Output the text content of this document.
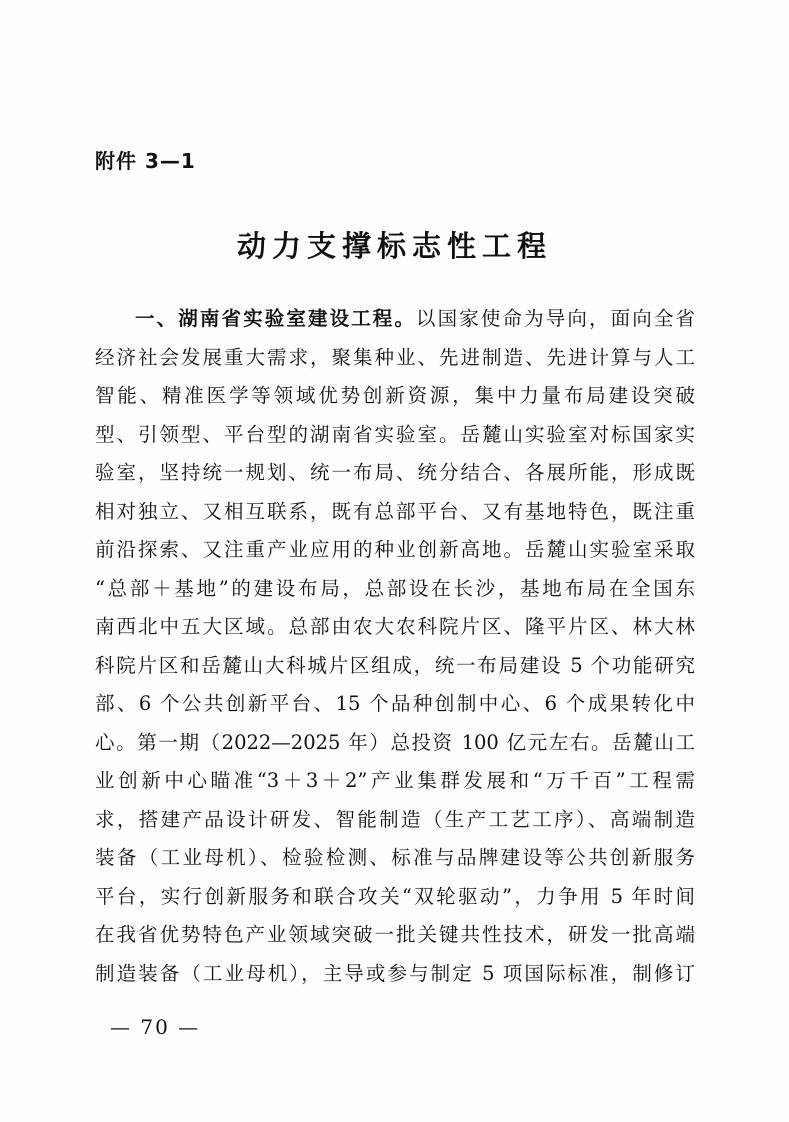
附件 3—1
动力支撑标志性工程
一、湖南省实验室建设工程。以国家使命为导向，面向全省
经济社会发展重大需求，聚集种业、先进制造、先进计算与人工
智能、精准医学等领域优势创新资源，集中力量布局建设突破
型、引领型、平台型的湖南省实验室。岳麓山实验室对标国家实
验室，坚持统一规划、统一布局、统分结合、各展所能，形成既
相对独立、又相互联系，既有总部平台、又有基地特色，既注重
前沿探索、又注重产业应用的种业创新高地。岳麓山实验室采取
“总部＋基地”的建设布局，总部设在长沙，基地布局在全国东
南西北中五大区域。总部由农大农科院片区、隆平片区、林大林
科院片区和岳麓山大科城片区组成，统一布局建设 5 个功能研究
部、6 个公共创新平台、15 个品种创制中心、6 个成果转化中
心。第一期（2022—2025 年）总投资 100 亿元左右。岳麓山工
业创新中心瞄准“3＋3＋2”产业集群发展和“万千百”工程需
求，搭建产品设计研发、智能制造（生产工艺工序）、高端制造
装备（工业母机）、检验检测、标准与品牌建设等公共创新服务
平台，实行创新服务和联合攻关“双轮驱动”，力争用 5 年时间
在我省优势特色产业领域突破一批关键共性技术，研发一批高端
制造装备（工业母机），主导或参与制定 5 项国际标准，制修订
— 70 —
